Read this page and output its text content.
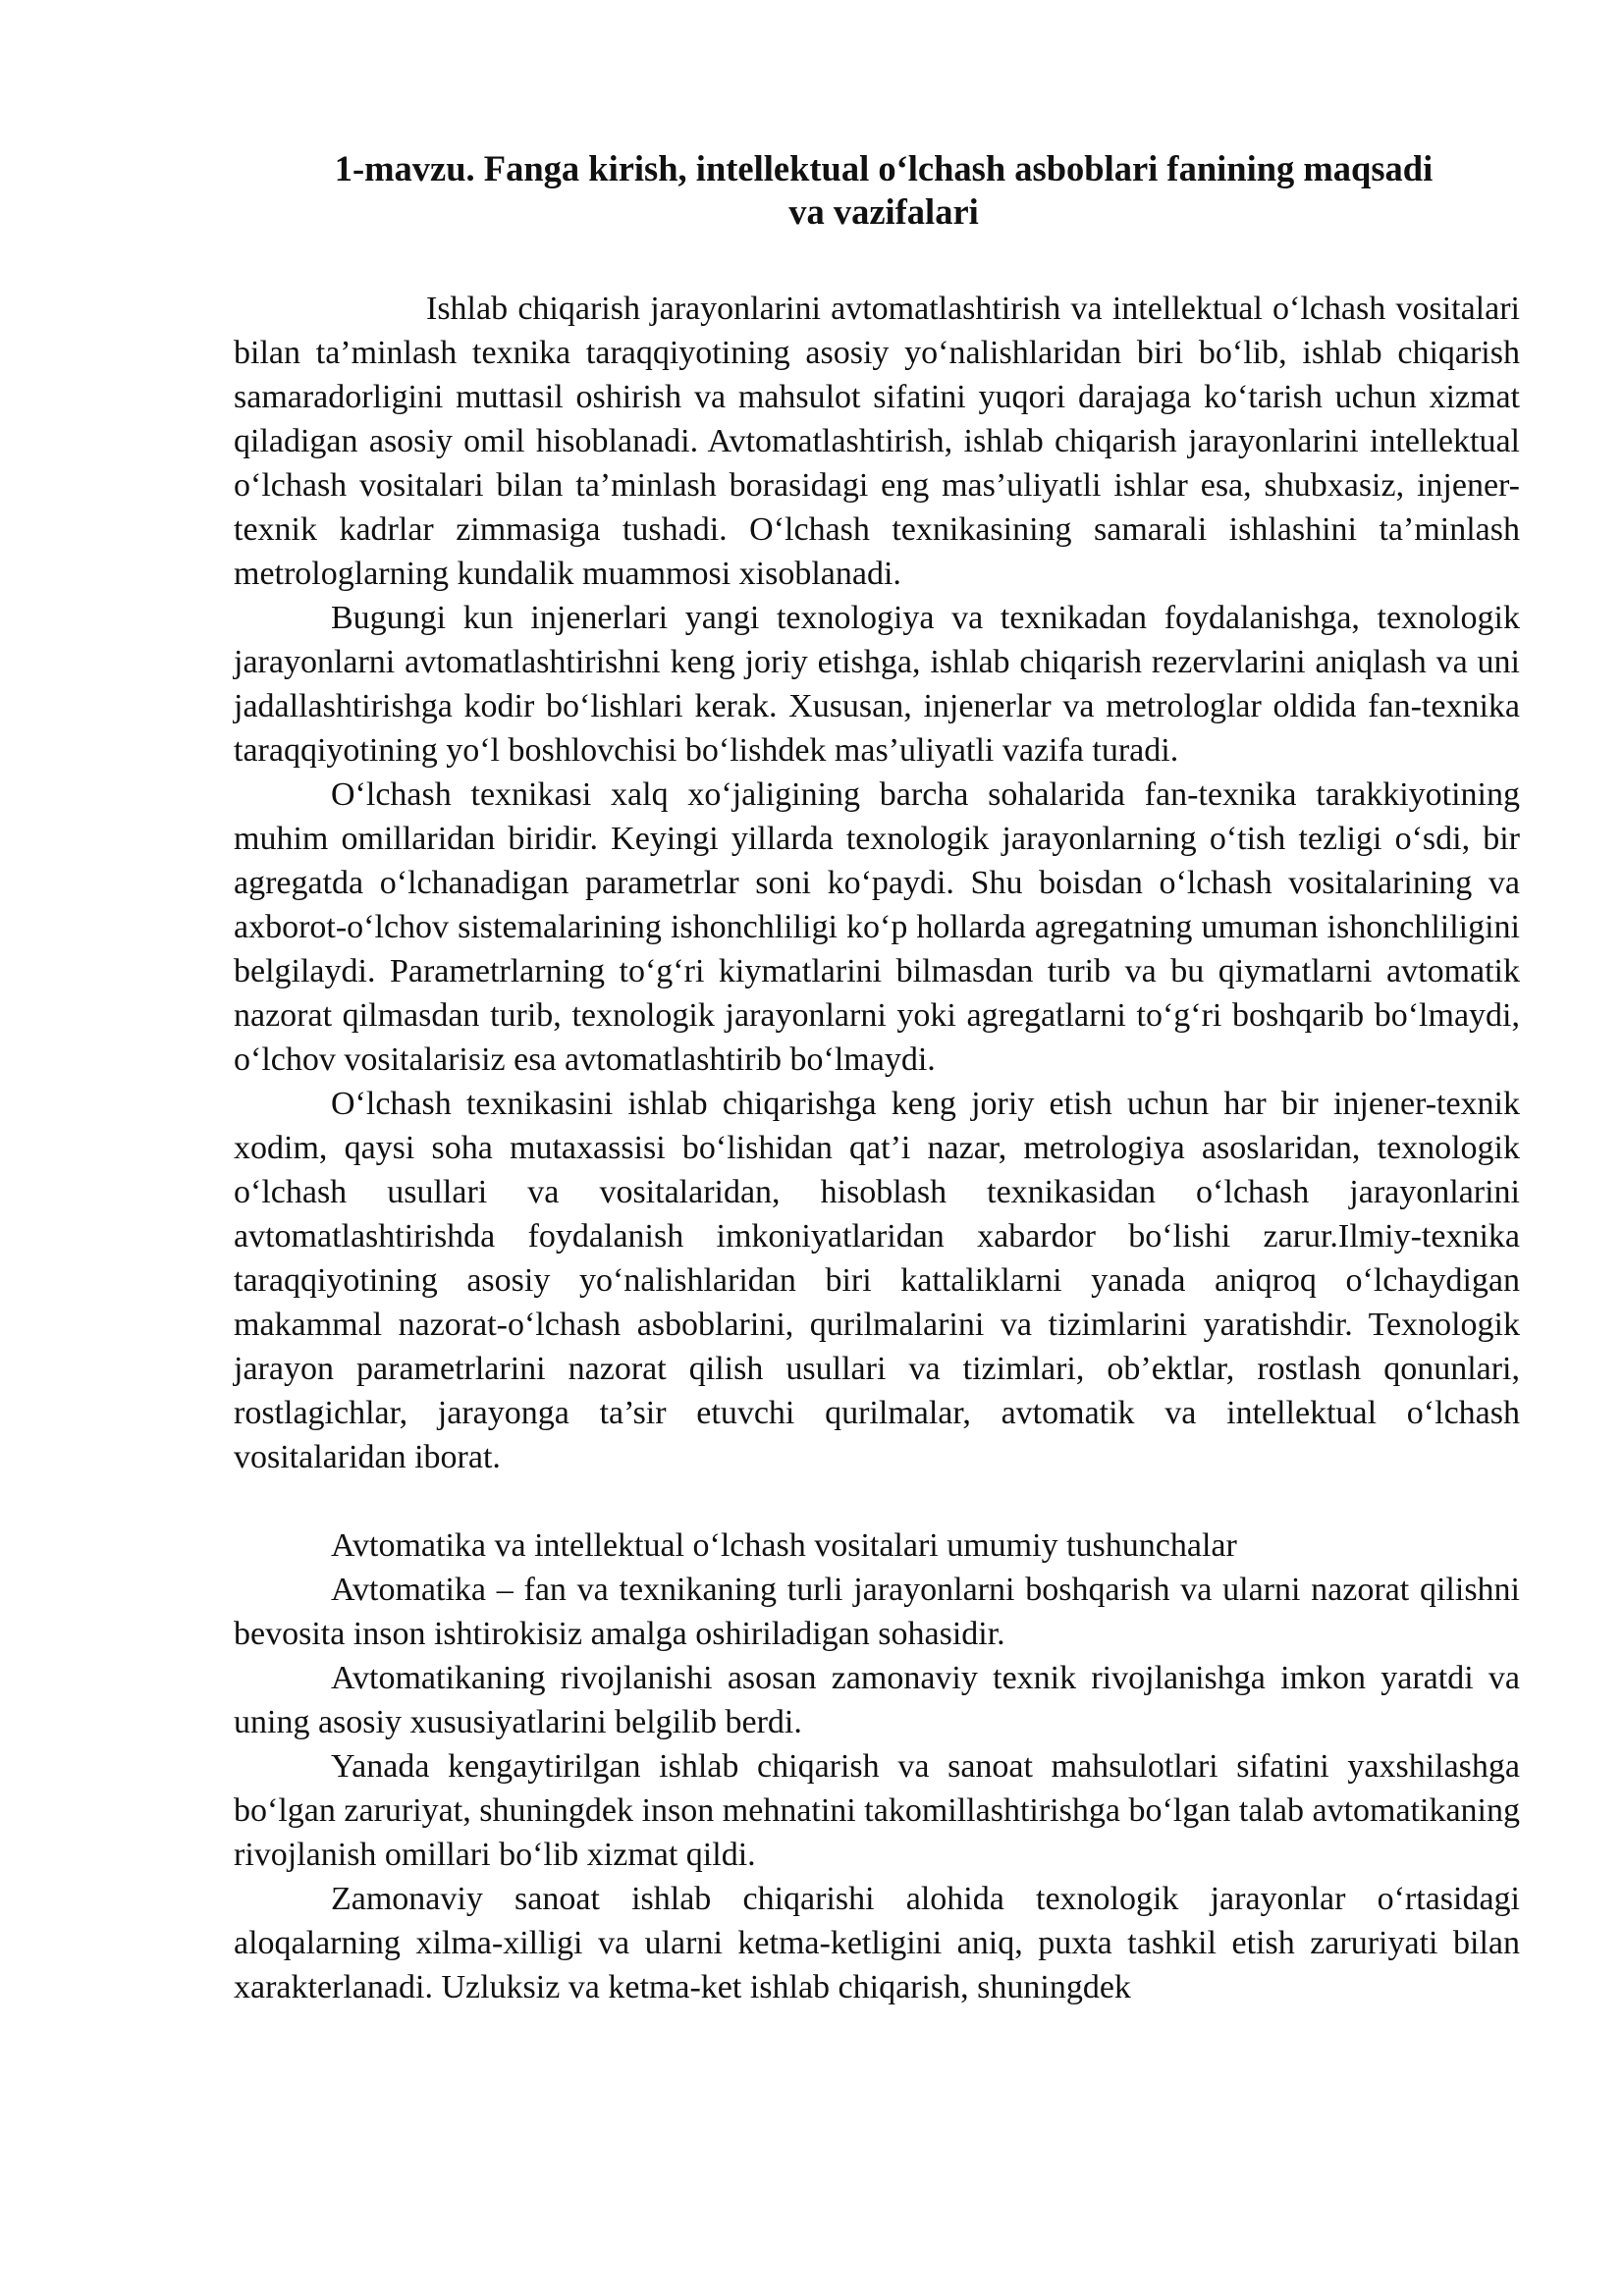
1-mavzu. Fanga kirish, intellektual o‘lchash asboblari fanining maqsadi
va vazifalari

Ishlab chiqarish jarayonlarini avtomatlashtirish va intellektual o‘lchash vositalari bilan ta’minlash texnika taraqqiyotining asosiy yo‘nalishlaridan biri bo‘lib, ishlab chiqarish samaradorligini muttasil oshirish va mahsulot sifatini yuqori darajaga ko‘tarish uchun xizmat qiladigan asosiy omil hisoblanadi. Avtomatlashtirish, ishlab chiqarish jarayonlarini intellektual o‘lchash vositalari bilan ta’minlash borasidagi eng mas’uliyatli ishlar esa, shubxasiz, injener-texnik kadrlar zimmasiga tushadi. O‘lchash texnikasining samarali ishlashini ta’minlash metrologlarning kundalik muammosi xisoblanadi.

Bugungi kun injenerlari yangi texnologiya va texnikadan foydalanishga, texnologik jarayonlarni avtomatlashtirishni keng joriy etishga, ishlab chiqarish rezervlarini aniqlash va uni jadallashtirishga kodir bo‘lishlari kerak. Xususan, injenerlar va metrologlar oldida fan-texnika taraqqiyotining yo‘l boshlovchisi bo‘lishdek mas’uliyatli vazifa turadi.

O‘lchash texnikasi xalq xo‘jaligining barcha sohalarida fan-texnika tarakkiyotining muhim omillaridan biridir. Keyingi yillarda texnologik jarayonlarning o‘tish tezligi o‘sdi, bir agregatda o‘lchanadigan parametrlar soni ko‘paydi. Shu boisdan o‘lchash vositalarining va axborot-o‘lchov sistemalarining ishonchliligi ko‘p hollarda agregatning umuman ishonchliligini belgilaydi. Parametrlarning to‘g‘ri kiymatlarini bilmasdan turib va bu qiymatlarni avtomatik nazorat qilmasdan turib, texnologik jarayonlarni yoki agregatlarni to‘g‘ri boshqarib bo‘lmaydi, o‘lchov vositalarisiz esa avtomatlashtirib bo‘lmaydi.

O‘lchash texnikasini ishlab chiqarishga keng joriy etish uchun har bir injener-texnik xodim, qaysi soha mutaxassisi bo‘lishidan qat’i nazar, metrologiya asoslaridan, texnologik o‘lchash usullari va vositalaridan, hisoblash texnikasidan o‘lchash jarayonlarini avtomatlashtirishda foydalanish imkoniyatlaridan xabardor bo‘lishi zarur.Ilmiy-texnika taraqqiyotining asosiy yo‘nalishlaridan biri kattaliklarni yanada aniqroq o‘lchaydigan makammal nazorat-o‘lchash asboblarini, qurilmalarini va tizimlarini yaratishdir. Texnologik jarayon parametrlarini nazorat qilish usullari va tizimlari, ob’ektlar, rostlash qonunlari, rostlagichlar, jarayonga ta’sir etuvchi qurilmalar, avtomatik va intellektual o‘lchash vositalaridan iborat.

Avtomatika va intellektual o‘lchash vositalari umumiy tushunchalar

Avtomatika – fan va texnikaning turli jarayonlarni boshqarish va ularni nazorat qilishni bevosita inson ishtirokisiz amalga oshiriladigan sohasidir.

Avtomatikaning rivojlanishi asosan zamonaviy texnik rivojlanishga imkon yaratdi va uning asosiy xususiyatlarini belgilib berdi.

Yanada kengaytirilgan ishlab chiqarish va sanoat mahsulotlari sifatini yaxshilashga bo‘lgan zaruriyat, shuningdek inson mehnatini takomillashtirishga bo‘lgan talab avtomatikaning rivojlanish omillari bo‘lib xizmat qildi.

Zamonaviy sanoat ishlab chiqarishi alohida texnologik jarayonlar o‘rtasidagi aloqalarning xilma-xilligi va ularni ketma-ketligini aniq, puxta tashkil etish zaruriyati bilan xarakterlanadi. Uzluksiz va ketma-ket ishlab chiqarish, shuningdek
